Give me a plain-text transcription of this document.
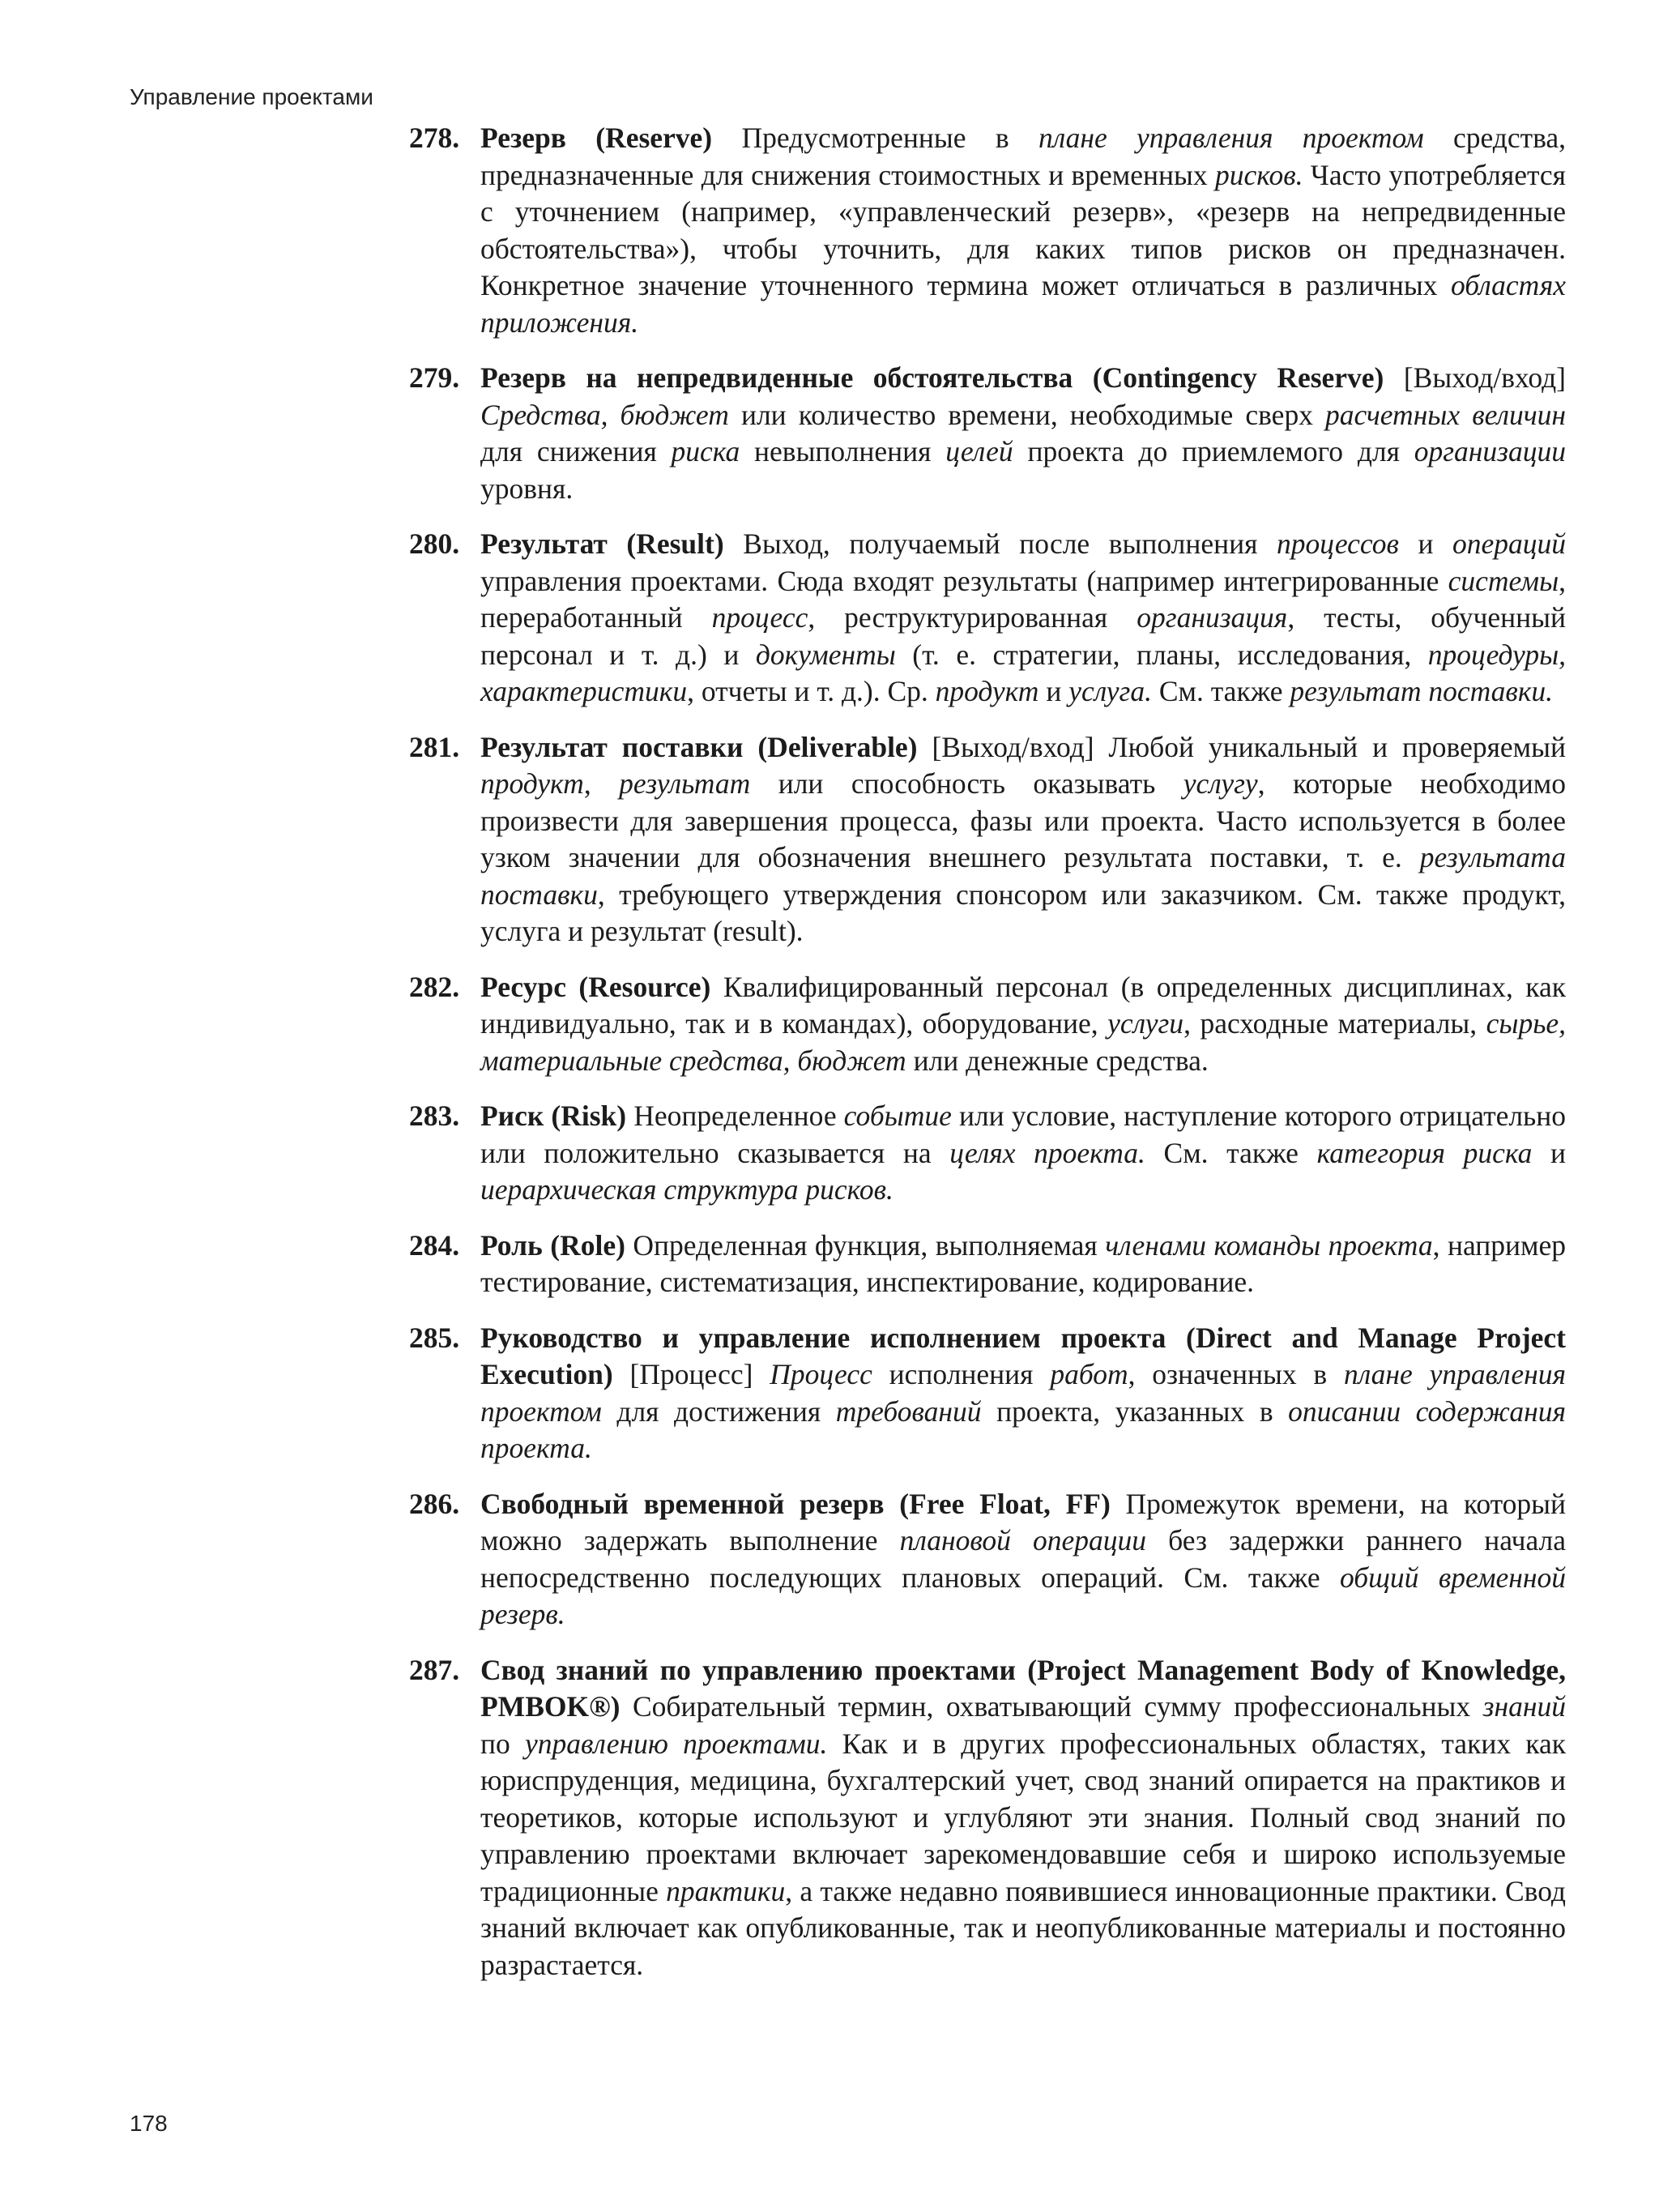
Управление проектами

278. Резерв (Reserve) Предусмотренные в плане управления проектом средства, предназначенные для снижения стоимостных и временных рисков. Часто употребляется с уточнением (например, «управленческий резерв», «резерв на непредвиденные обстоятельства»), чтобы уточнить, для каких типов рисков он предназначен. Конкретное значение уточненного термина может отличаться в различных областях приложения.

279. Резерв на непредвиденные обстоятельства (Contingency Reserve) [Выход/вход] Средства, бюджет или количество времени, необходимые сверх расчетных величин для снижения риска невыполнения целей проекта до приемлемого для организации уровня.

280. Результат (Result) Выход, получаемый после выполнения процессов и операций управления проектами. Сюда входят результаты (например интегрированные системы, переработанный процесс, реструктурированная организация, тесты, обученный персонал и т. д.) и документы (т. е. стратегии, планы, исследования, процедуры, характеристики, отчеты и т. д.). Ср. продукт и услуга. См. также результат поставки.

281. Результат поставки (Deliverable) [Выход/вход] Любой уникальный и проверяемый продукт, результат или способность оказывать услугу, которые необходимо произвести для завершения процесса, фазы или проекта. Часто используется в более узком значении для обозначения внешнего результата поставки, т. е. результата поставки, требующего утверждения спонсором или заказчиком. См. также продукт, услуга и результат (result).

282. Ресурс (Resource) Квалифицированный персонал (в определенных дисциплинах, как индивидуально, так и в командах), оборудование, услуги, расходные материалы, сырье, материальные средства, бюджет или денежные средства.

283. Риск (Risk) Неопределенное событие или условие, наступление которого отрицательно или положительно сказывается на целях проекта. См. также категория риска и иерархическая структура рисков.

284. Роль (Role) Определенная функция, выполняемая членами команды проекта, например тестирование, систематизация, инспектирование, кодирование.

285. Руководство и управление исполнением проекта (Direct and Manage Project Execution) [Процесс] Процесс исполнения работ, означенных в плане управления проектом для достижения требований проекта, указанных в описании содержания проекта.

286. Свободный временной резерв (Free Float, FF) Промежуток времени, на который можно задержать выполнение плановой операции без задержки раннего начала непосредственно последующих плановых операций. См. также общий временной резерв.

287. Свод знаний по управлению проектами (Project Management Body of Knowledge, PMBOK®) Собирательный термин, охватывающий сумму профессиональных знаний по управлению проектами. Как и в других профессиональных областях, таких как юриспруденция, медицина, бухгалтерский учет, свод знаний опирается на практиков и теоретиков, которые используют и углубляют эти знания. Полный свод знаний по управлению проектами включает зарекомендовавшие себя и широко используемые традиционные практики, а также недавно появившиеся инновационные практики. Свод знаний включает как опубликованные, так и неопубликованные материалы и постоянно разрастается.

178
